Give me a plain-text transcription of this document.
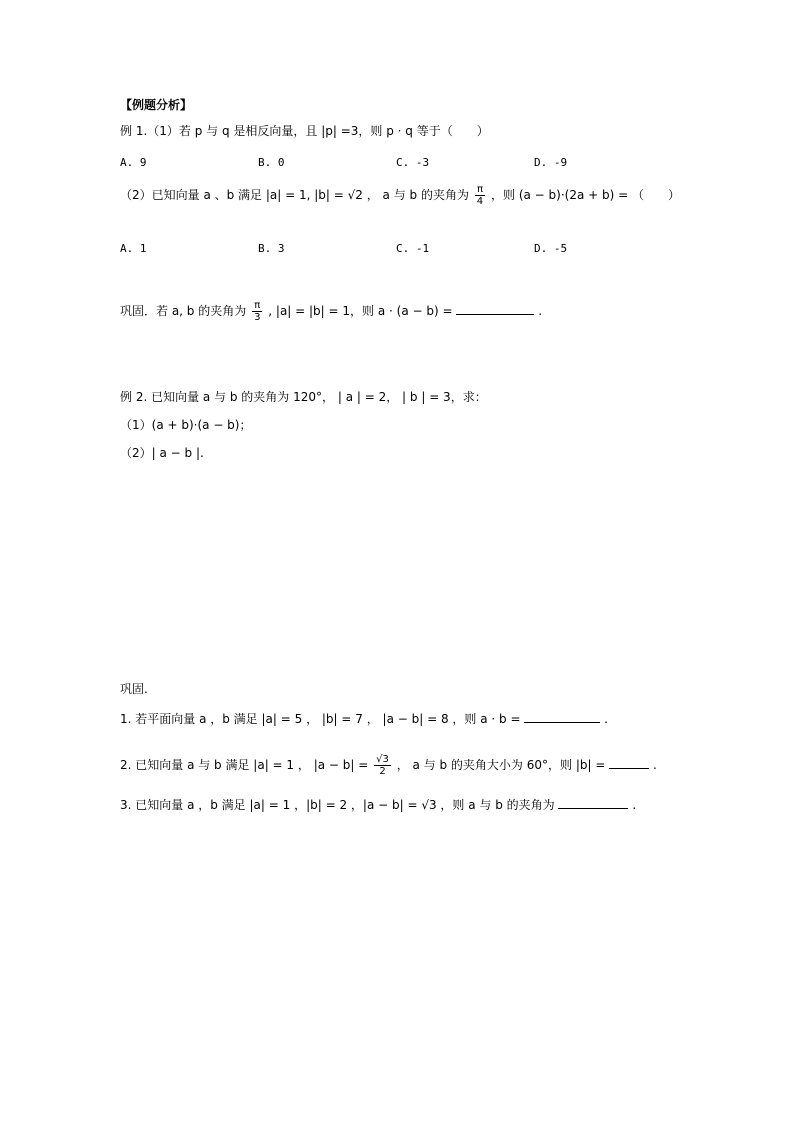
【例题分析】
例 1.（1）若 p 与 q 是相反向量，且 |p| =3，则 p · q 等于（　　）
A. 9	B. 0	C. -3	D. -9
（2）已知向量 a 、b 满足 |a| = 1, |b| = √2 ， a 与 b 的夹角为 $\frac{\pi}{4}$ ，则 (a − b)·(2a + b) = （　　）
A. 1	B. 3	C. -1	D. -5
巩固．若 a, b 的夹角为 $\frac{\pi}{3}$ , |a| = |b| = 1，则 a · (a − b) =	.
例 2. 已知向量 a 与 b 的夹角为 120°， | a | = 2， | b | = 3，求：
（1）(a + b)·(a − b)；
（2）| a − b |.
巩固.
1. 若平面向量 a ，b 满足 |a| = 5 ， |b| = 7 ， |a − b| = 8 ，则 a · b =	.
2. 已知向量 a 与 b 满足 |a| = 1 ， $|a - b| = \frac{√3}{2}$ ， a 与 b 的夹角大小为 60°，则 |b| =	.
3. 已知向量 a ，b 满足 |a| = 1 ，|b| = 2 ，|a − b| = √3 ，则 a 与 b 的夹角为	.
